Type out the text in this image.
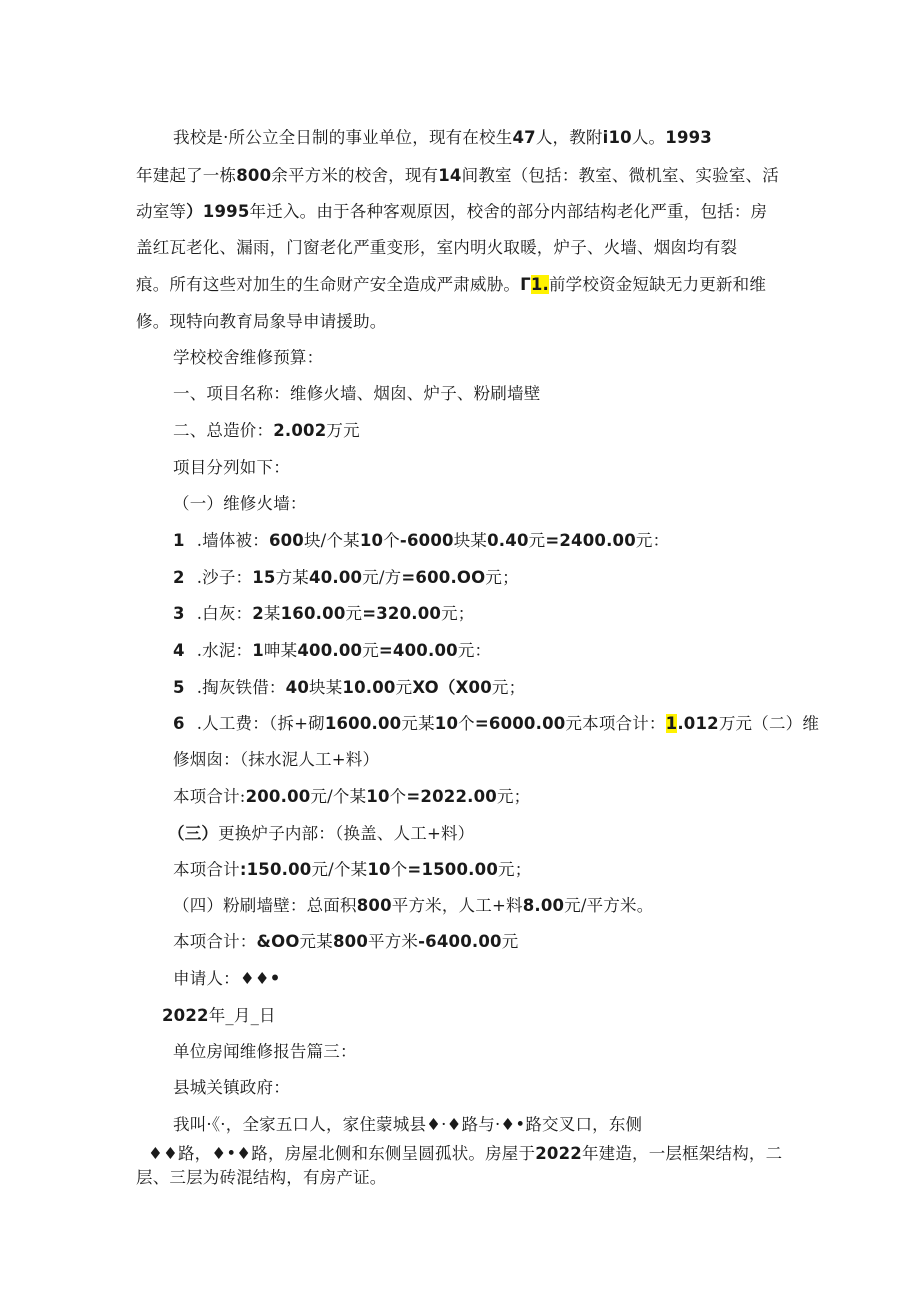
我校是·所公立全日制的事业单位，现有在校生47人，教附i10人。1993
年建起了一栋800余平方米的校舍，现有14间教室（包括：教室、微机室、实验室、活
动室等）1995年迁入。由于各种客观原因，校舍的部分内部结构老化严重，包括：房
盖红瓦老化、漏雨，门窗老化严重变形，室内明火取暖，炉子、火墙、烟囱均有裂
痕。所有这些对加生的生命财产安全造成严肃威胁。Γ1.前学校资金短缺无力更新和维
修。现特向教育局象导申请援助。
学校校舍维修预算：
一、项目名称：维修火墙、烟囱、炉子、粉刷墙壁
二、总造价：2.002万元
项目分列如下：
（一）维修火墙：
1 .墙体被：600块/个某10个-6000块某0.40元=2400.00元：
2 .沙子：15方某40.00元/方=600.OO元；
3 .白灰：2某160.00元=320.00元；
4 .水泥：1呻某400.00元=400.00元：
5 .掏灰铁借：40块某10.00元XO（X00元；
6 .人工费：（拆+砌1600.00元某10个=6000.00元本项合计：1.012万元（二）维
修烟囱：（抹水泥人工+料）
本项合计:200.00元/个某10个=2022.00元；
（三）更换炉子内部：（换盖、人工+料）
本项合计:150.00元/个某10个=1500.00元；
（四）粉刷墙壁：总面积800平方米，人工+料8.00元/平方米。
本项合计：&OO元某800平方米-6400.00元
申请人：♦♦•
2022年_月_日
单位房闻维修报告篇三：
县城关镇政府：
我叫·《·，全家五口人，家住蒙城县♦·♦路与·♦•路交叉口，东侧
♦♦路，♦•♦路，房屋北侧和东侧呈圆孤状。房屋于2022年建造，一层框架结构，二
层、三层为砖混结构，有房产证。
